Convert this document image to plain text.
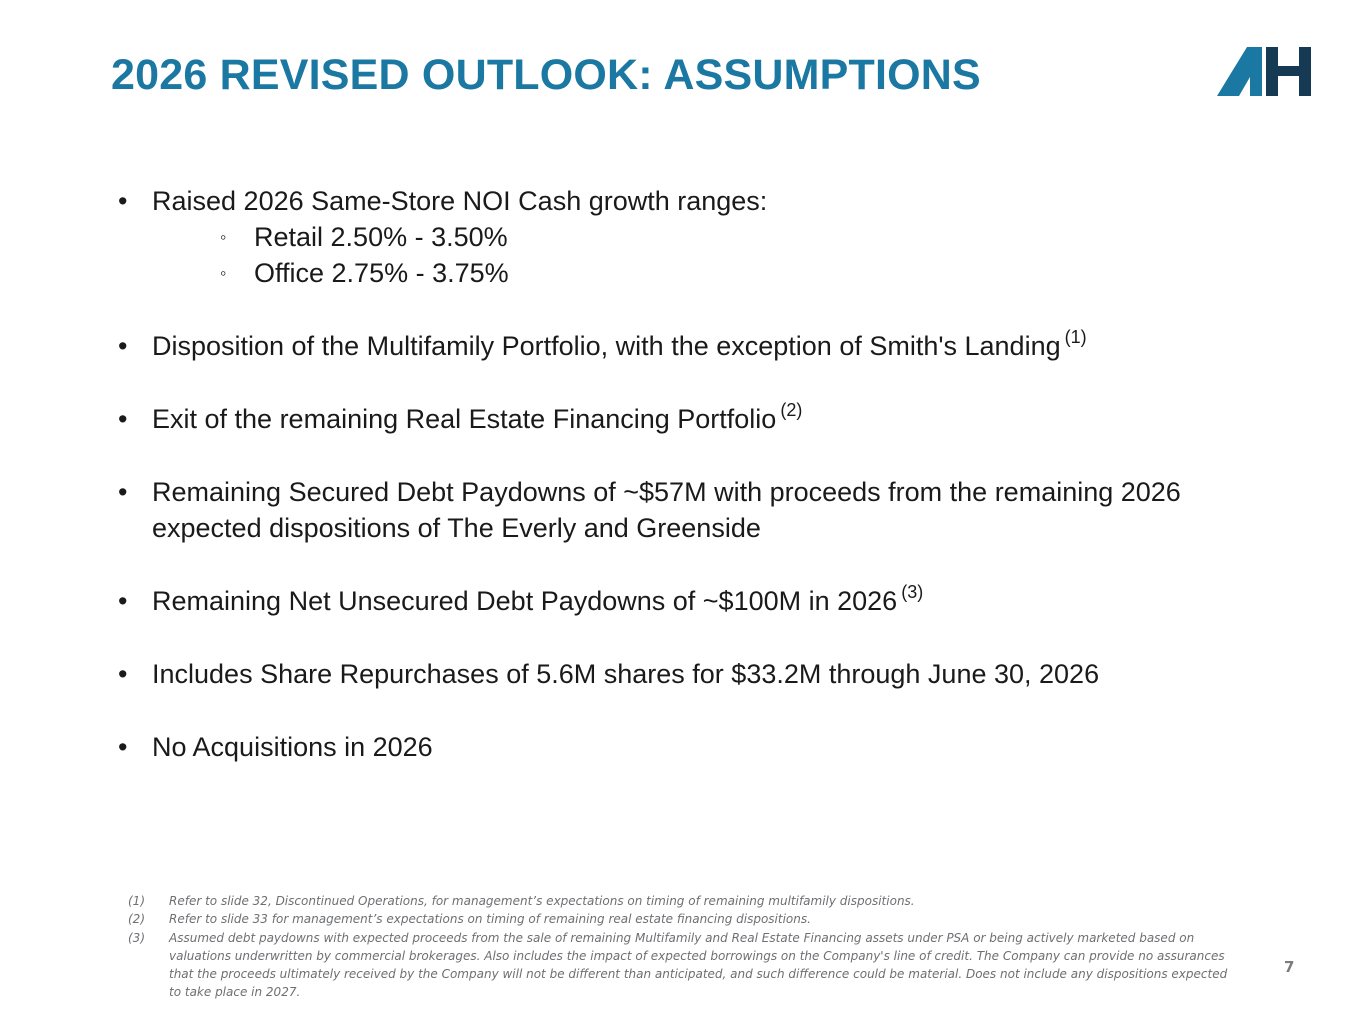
2026 REVISED OUTLOOK: ASSUMPTIONS
• Raised 2026 Same-Store NOI Cash growth ranges:
◦	Retail 2.50% - 3.50%
◦	Office 2.75% - 3.75%
• Disposition of the Multifamily Portfolio, with the exception of Smith's Landing $^{(1)}$
• Exit of the remaining Real Estate Financing Portfolio $^{(2)}$
• Remaining Secured Debt Paydowns of ~$57M with proceeds from the remaining 2026 expected dispositions of The Everly and Greenside
• Remaining Net Unsecured Debt Paydowns of ~$100M in 2026 $^{(3)}$
• Includes Share Repurchases of 5.6M shares for $33.2M through June 30, 2026
• No Acquisitions in 2026
(1)	Refer to slide 32, Discontinued Operations, for management’s expectations on timing of remaining multifamily dispositions.
(2)	Refer to slide 33 for management’s expectations on timing of remaining real estate financing dispositions.
(3)	Assumed debt paydowns with expected proceeds from the sale of remaining Multifamily and Real Estate Financing assets under PSA or being actively marketed based on valuations underwritten by commercial brokerages. Also includes the impact of expected borrowings on the Company's line of credit. The Company can provide no assurances that the proceeds ultimately received by the Company will not be different than anticipated, and such difference could be material. Does not include any dispositions expected to take place in 2027.
7
